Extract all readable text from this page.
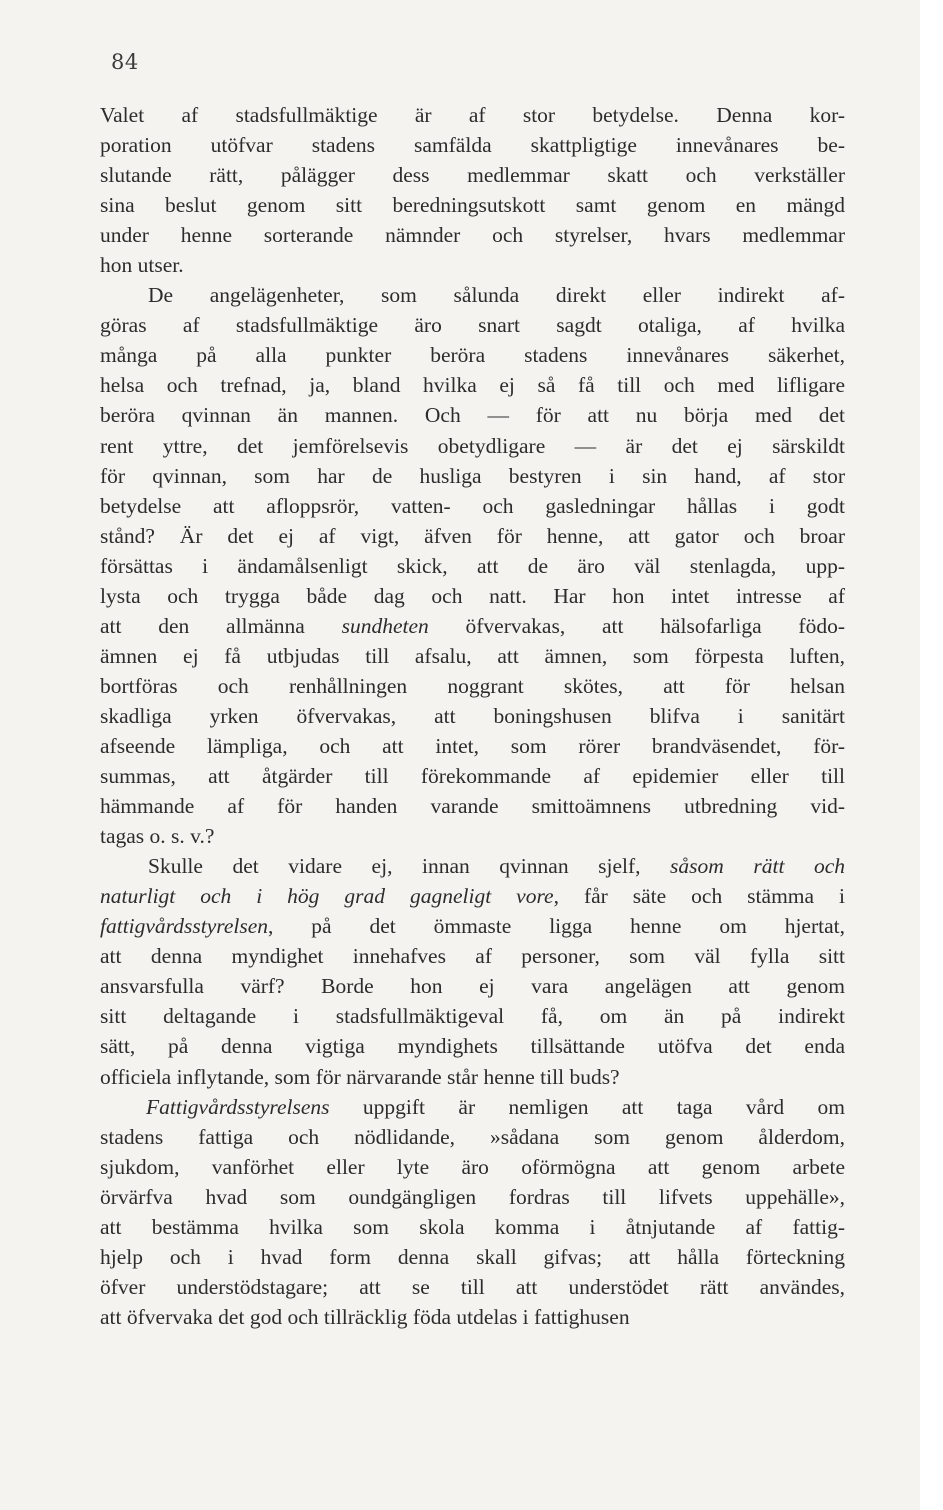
84
Valet af stadsfullmäktige är af stor betydelse. Denna kor-
poration utöfvar stadens samfälda skattpligtige innevånares be-
slutande rätt, pålägger dess medlemmar skatt och verkställer
sina beslut genom sitt beredningsutskott samt genom en mängd
under henne sorterande nämnder och styrelser, hvars medlemmar
hon utser.
De angelägenheter, som sålunda direkt eller indirekt af-
göras af stadsfullmäktige äro snart sagdt otaliga, af hvilka
många på alla punkter beröra stadens innevånares säkerhet,
helsa och trefnad, ja, bland hvilka ej så få till och med lifligare
beröra qvinnan än mannen. Och — för att nu börja med det
rent yttre, det jemförelsevis obetydligare — är det ej särskildt
för qvinnan, som har de husliga bestyren i sin hand, af stor
betydelse att afloppsrör, vatten- och gasledningar hållas i godt
stånd? Är det ej af vigt, äfven för henne, att gator och broar
försättas i ändamålsenligt skick, att de äro väl stenlagda, upp-
lysta och trygga både dag och natt. Har hon intet intresse af
att den allmänna sundheten öfvervakas, att hälsofarliga födo-
ämnen ej få utbjudas till afsalu, att ämnen, som förpesta luften,
bortföras och renhållningen noggrant skötes, att för helsan
skadliga yrken öfvervakas, att boningshusen blifva i sanitärt
afseende lämpliga, och att intet, som rörer brandväsendet, för-
summas, att åtgärder till förekommande af epidemier eller till
hämmande af för handen varande smittoämnens utbredning vid-
tagas o. s. v.?
Skulle det vidare ej, innan qvinnan sjelf, såsom rätt och
naturligt och i hög grad gagneligt vore, får säte och stämma i
fattigvårdsstyrelsen, på det ömmaste ligga henne om hjertat,
att denna myndighet innehafves af personer, som väl fylla sitt
ansvarsfulla värf? Borde hon ej vara angelägen att genom
sitt deltagande i stadsfullmäktigeval få, om än på indirekt
sätt, på denna vigtiga myndighets tillsättande utöfva det enda
officiela inflytande, som för närvarande står henne till buds?
Fattigvårdsstyrelsens uppgift är nemligen att taga vård om
stadens fattiga och nödlidande, »sådana som genom ålderdom,
sjukdom, vanförhet eller lyte äro oförmögna att genom arbete
örvärfva hvad som oundgängligen fordras till lifvets uppehälle»,
att bestämma hvilka som skola komma i åtnjutande af fattig-
hjelp och i hvad form denna skall gifvas; att hålla förteckning
öfver understödstagare; att se till att understödet rätt användes,
att öfvervaka det god och tillräcklig föda utdelas i fattighusen
